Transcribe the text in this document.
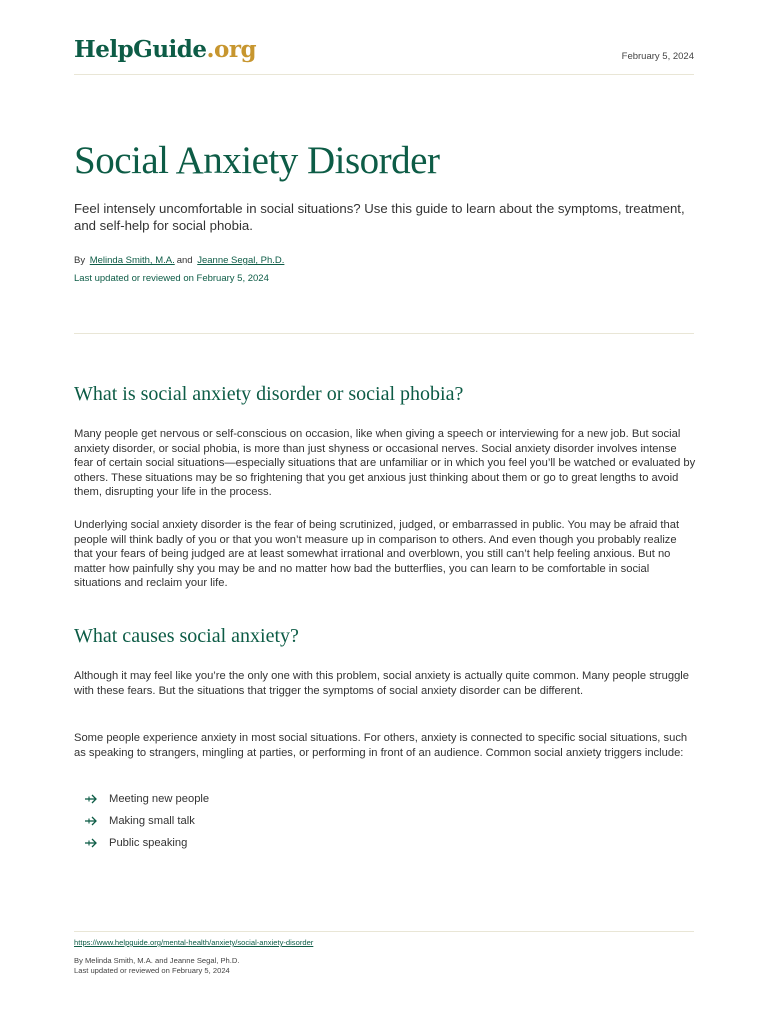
HelpGuide.org	February 5, 2024
Social Anxiety Disorder

Feel intensely uncomfortable in social situations? Use this guide to learn about the symptoms, treatment, and self-help for social phobia.

By Melinda Smith, M.A. and Jeanne Segal, Ph.D.
Last updated or reviewed on February 5, 2024
What is social anxiety disorder or social phobia?

Many people get nervous or self-conscious on occasion, like when giving a speech or interviewing for a new job. But social anxiety disorder, or social phobia, is more than just shyness or occasional nerves. Social anxiety disorder involves intense fear of certain social situations—especially situations that are unfamiliar or in which you feel you’ll be watched or evaluated by others. These situations may be so frightening that you get anxious just thinking about them or go to great lengths to avoid them, disrupting your life in the process.

Underlying social anxiety disorder is the fear of being scrutinized, judged, or embarrassed in public. You may be afraid that people will think badly of you or that you won’t measure up in comparison to others. And even though you probably realize that your fears of being judged are at least somewhat irrational and overblown, you still can’t help feeling anxious. But no matter how painfully shy you may be and no matter how bad the butterflies, you can learn to be comfortable in social situations and reclaim your life.

What causes social anxiety?

Although it may feel like you’re the only one with this problem, social anxiety is actually quite common. Many people struggle with these fears. But the situations that trigger the symptoms of social anxiety disorder can be different.

Some people experience anxiety in most social situations. For others, anxiety is connected to specific social situations, such as speaking to strangers, mingling at parties, or performing in front of an audience. Common social anxiety triggers include:

Meeting new people
Making small talk
Public speaking
https://www.helpguide.org/mental-health/anxiety/social-anxiety-disorder
By Melinda Smith, M.A. and Jeanne Segal, Ph.D.
Last updated or reviewed on February 5, 2024
